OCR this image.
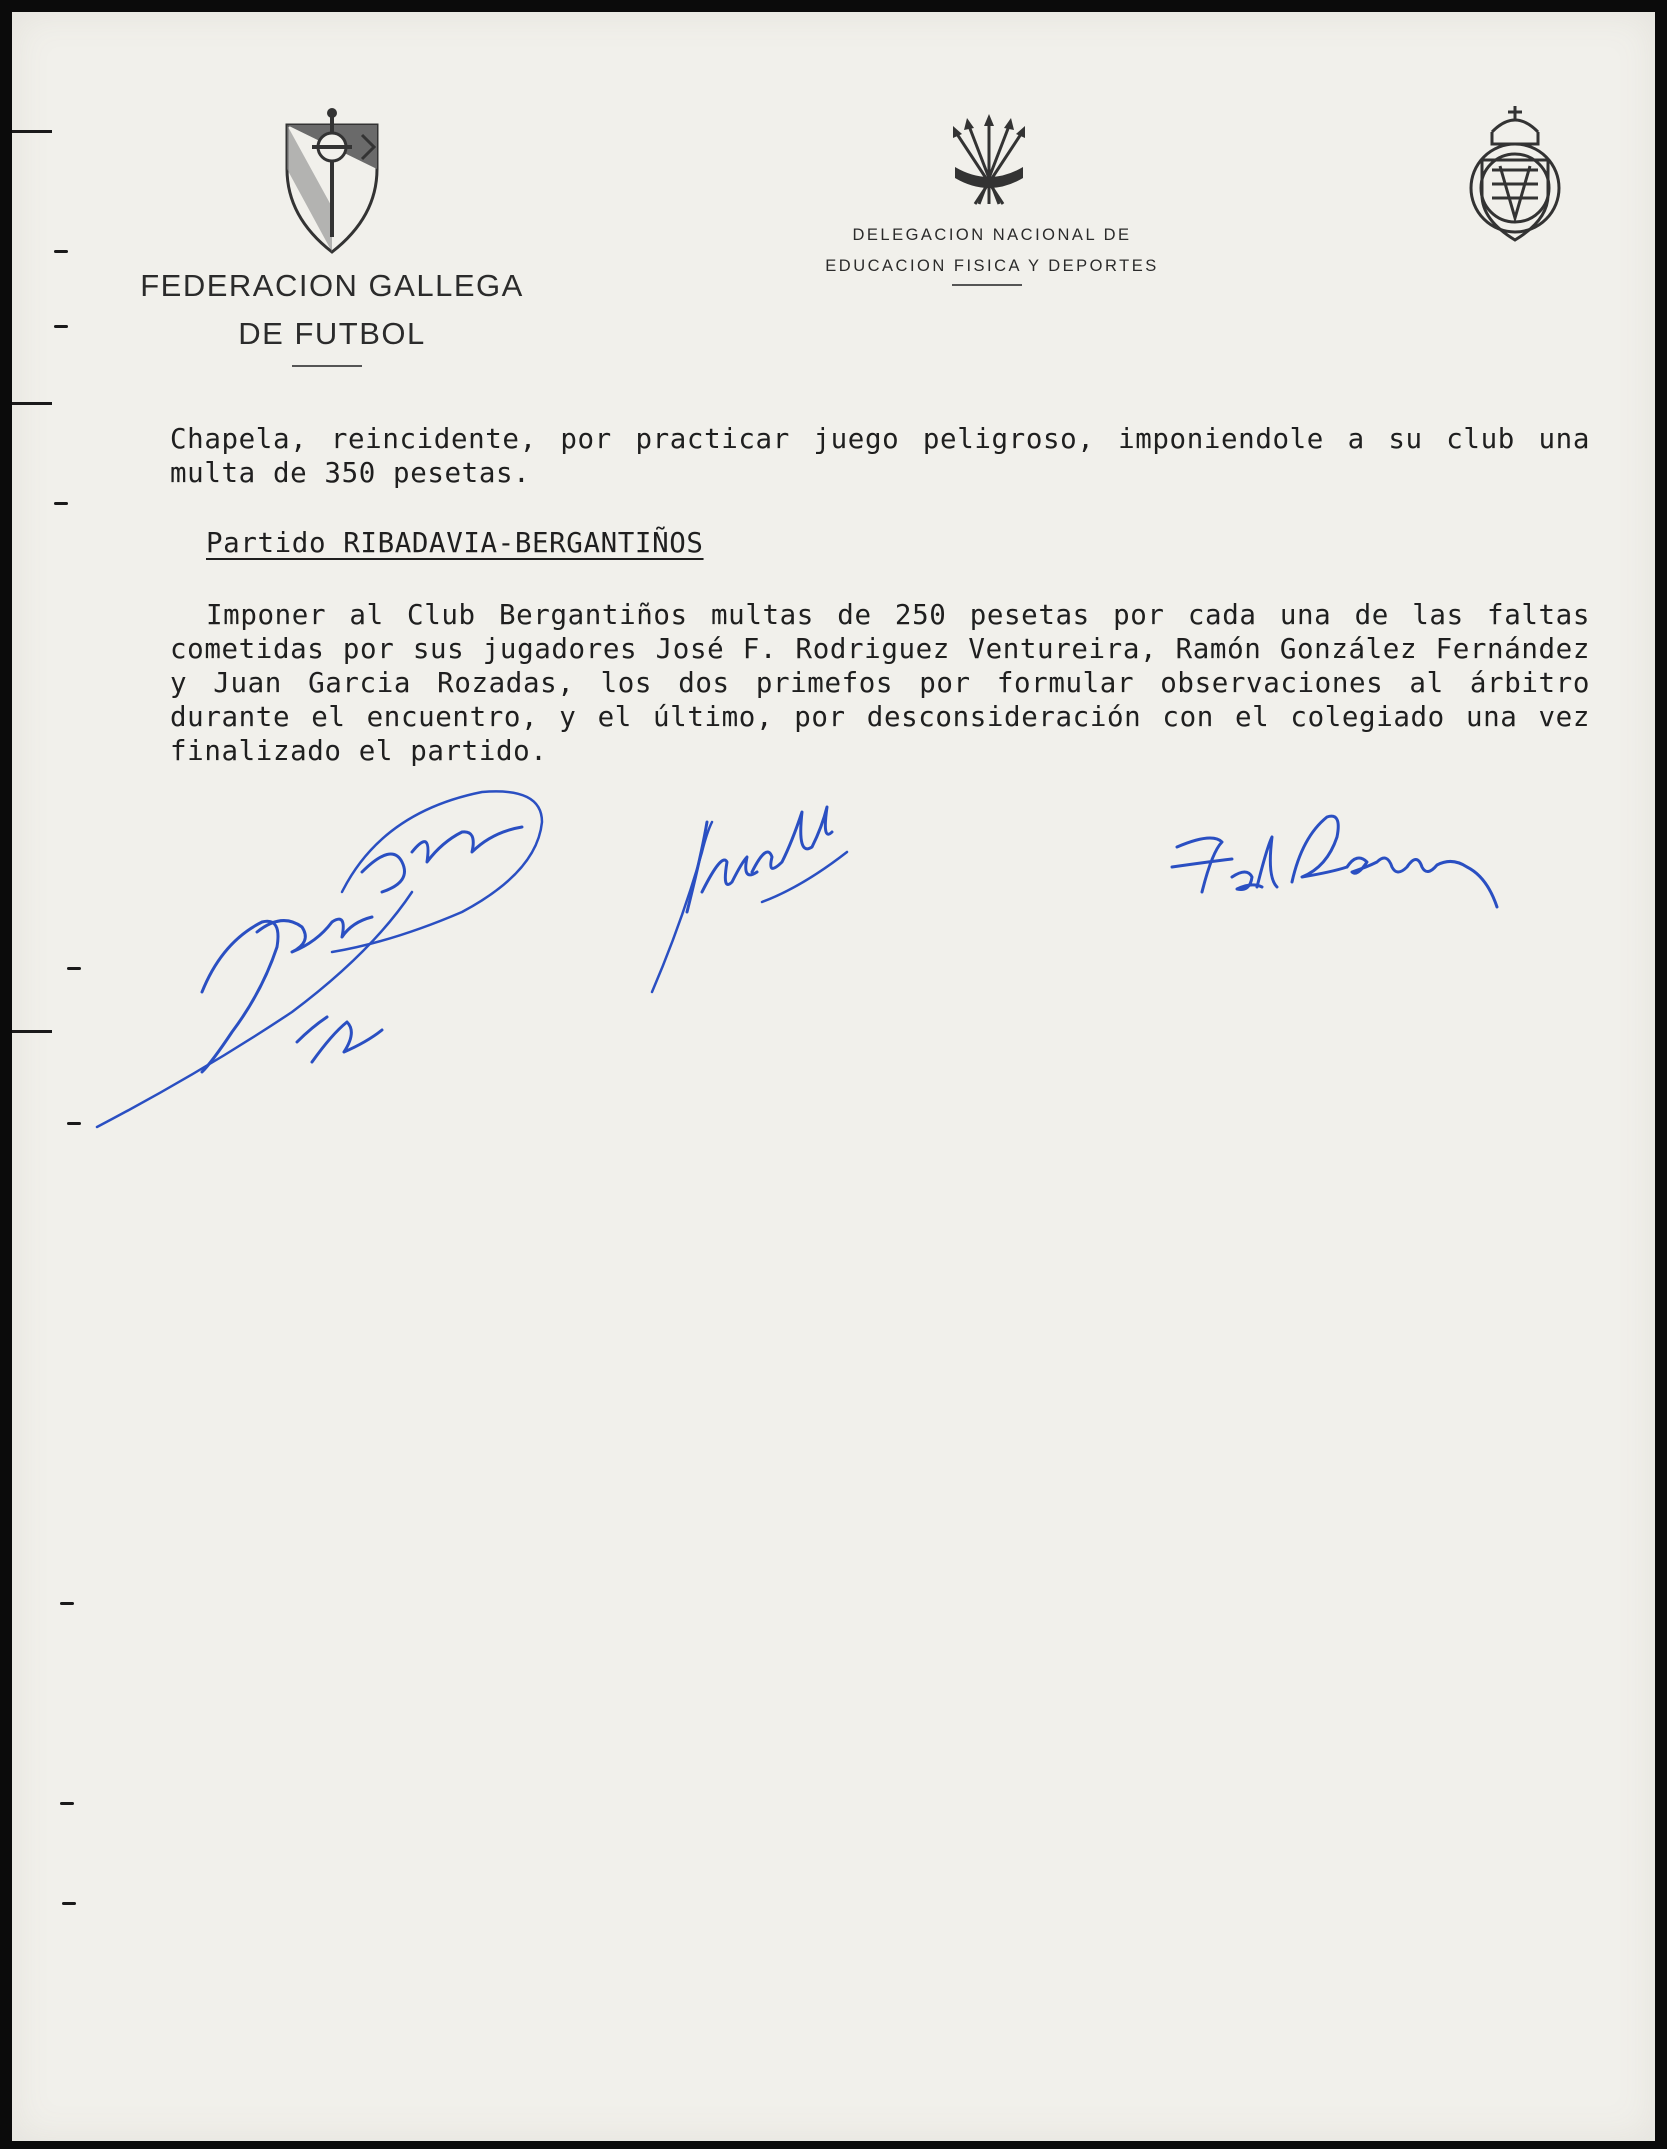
FEDERACION GALLEGA
DE FUTBOL
DELEGACION NACIONAL DE
EDUCACION FISICA Y DEPORTES

Chapela, reincidente, por practicar juego peligroso, imponiendole a su club una multa de 350 pesetas.

Partido RIBADAVIA-BERGANTIÑOS

Imponer al Club Bergantiños multas de 250 pesetas por cada una de las faltas cometidas por sus jugadores José F. Rodriguez Ventureira, Ramón González Fernández y Juan Garcia Rozadas, los dos primefos por formular observaciones al árbitro durante el encuentro, y el último, por desconsideración con el colegiado una vez finalizado el partido.
